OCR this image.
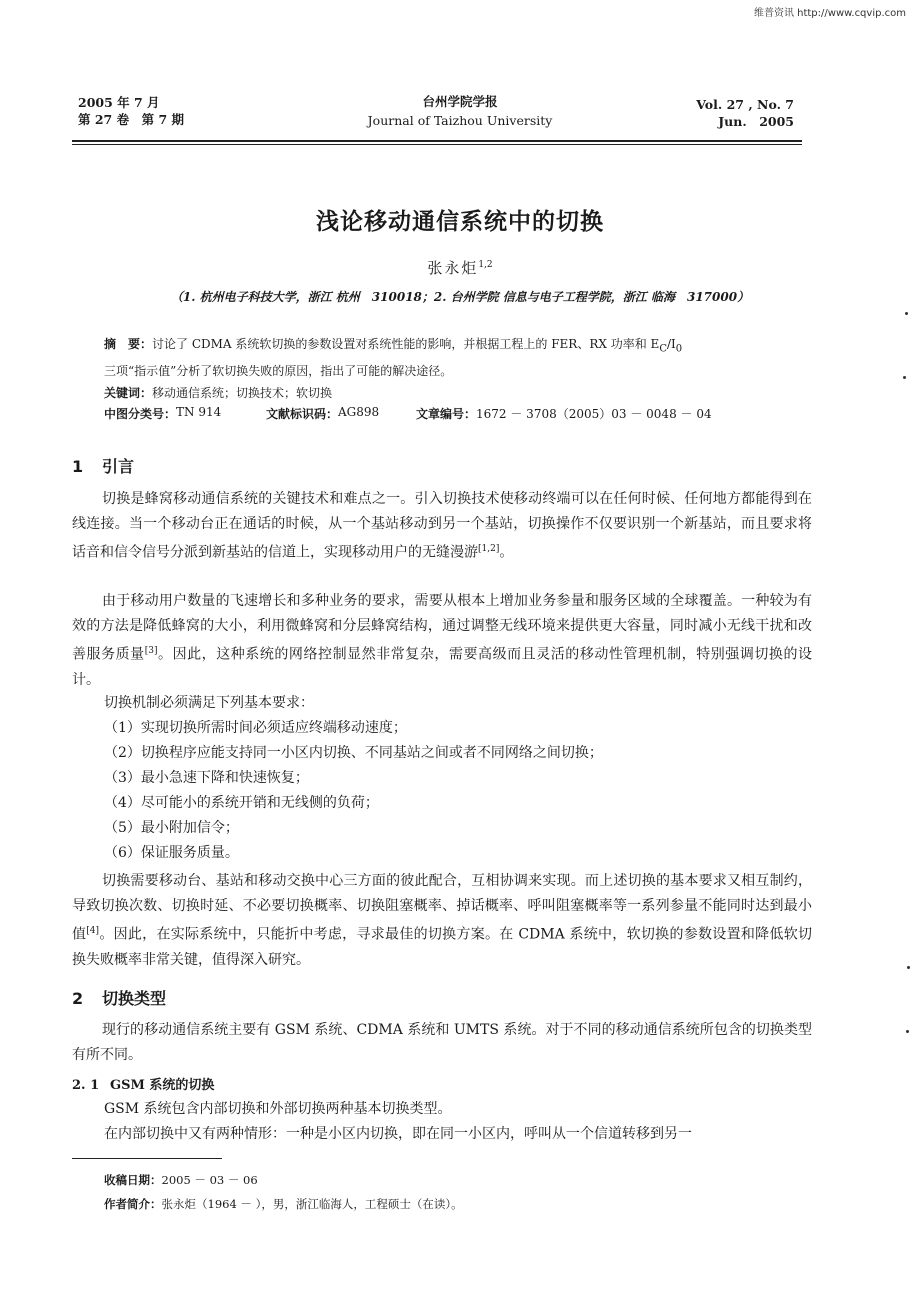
维普资讯 http://www.cqvip.com
2005 年 7 月
第 27 卷　第 7 期
台州学院学报
Journal of Taizhou University
Vol. 27 , No. 7
Jun.　2005
浅论移动通信系统中的切换
张永炬$^{1,2}$
（1. 杭州电子科技大学，浙江 杭州　310018；2. 台州学院 信息与电子工程学院，浙江 临海　317000）
摘　要：讨论了 CDMA 系统软切换的参数设置对系统性能的影响，并根据工程上的 FER、RX 功率和 $E_C/I_0$
三项“指示值”分析了软切换失败的原因，指出了可能的解决途径。
关键词：移动通信系统；切换技术；软切换
中图分类号： TN 914	文献标识码： AG898	文章编号： 1672 － 3708（2005）03 － 0048 － 04
1 引言

切换是蜂窝移动通信系统的关键技术和难点之一。引入切换技术使移动终端可以在任何时候、任何地方都能得到在线连接。当一个移动台正在通话的时候，从一个基站移动到另一个基站，切换操作不仅要识别一个新基站，而且要求将话音和信令信号分派到新基站的信道上，实现移动用户的无缝漫游[1,2]。

由于移动用户数量的飞速增长和多种业务的要求，需要从根本上增加业务参量和服务区域的全球覆盖。一种较为有效的方法是降低蜂窝的大小，利用微蜂窝和分层蜂窝结构，通过调整无线环境来提供更大容量，同时减小无线干扰和改善服务质量[3]。因此，这种系统的网络控制显然非常复杂，需要高级而且灵活的移动性管理机制，特别强调切换的设计。

切换机制必须满足下列基本要求：
（1）实现切换所需时间必须适应终端移动速度；
（2）切换程序应能支持同一小区内切换、不同基站之间或者不同网络之间切换；
（3）最小急速下降和快速恢复；
（4）尽可能小的系统开销和无线侧的负荷；
（5）最小附加信令；
（6）保证服务质量。

切换需要移动台、基站和移动交换中心三方面的彼此配合，互相协调来实现。而上述切换的基本要求又相互制约，导致切换次数、切换时延、不必要切换概率、切换阻塞概率、掉话概率、呼叫阻塞概率等一系列参量不能同时达到最小值[4]。因此，在实际系统中，只能折中考虑，寻求最佳的切换方案。在 CDMA 系统中，软切换的参数设置和降低软切换失败概率非常关键，值得深入研究。

2 切换类型

现行的移动通信系统主要有 GSM 系统、CDMA 系统和 UMTS 系统。对于不同的移动通信系统所包含的切换类型有所不同。

2. 1 GSM 系统的切换
GSM 系统包含内部切换和外部切换两种基本切换类型。
在内部切换中又有两种情形：一种是小区内切换，即在同一小区内，呼叫从一个信道转移到另一
收稿日期：2005 － 03 － 06
作者简介：张永炬（1964 － ），男，浙江临海人，工程硕士（在读）。
